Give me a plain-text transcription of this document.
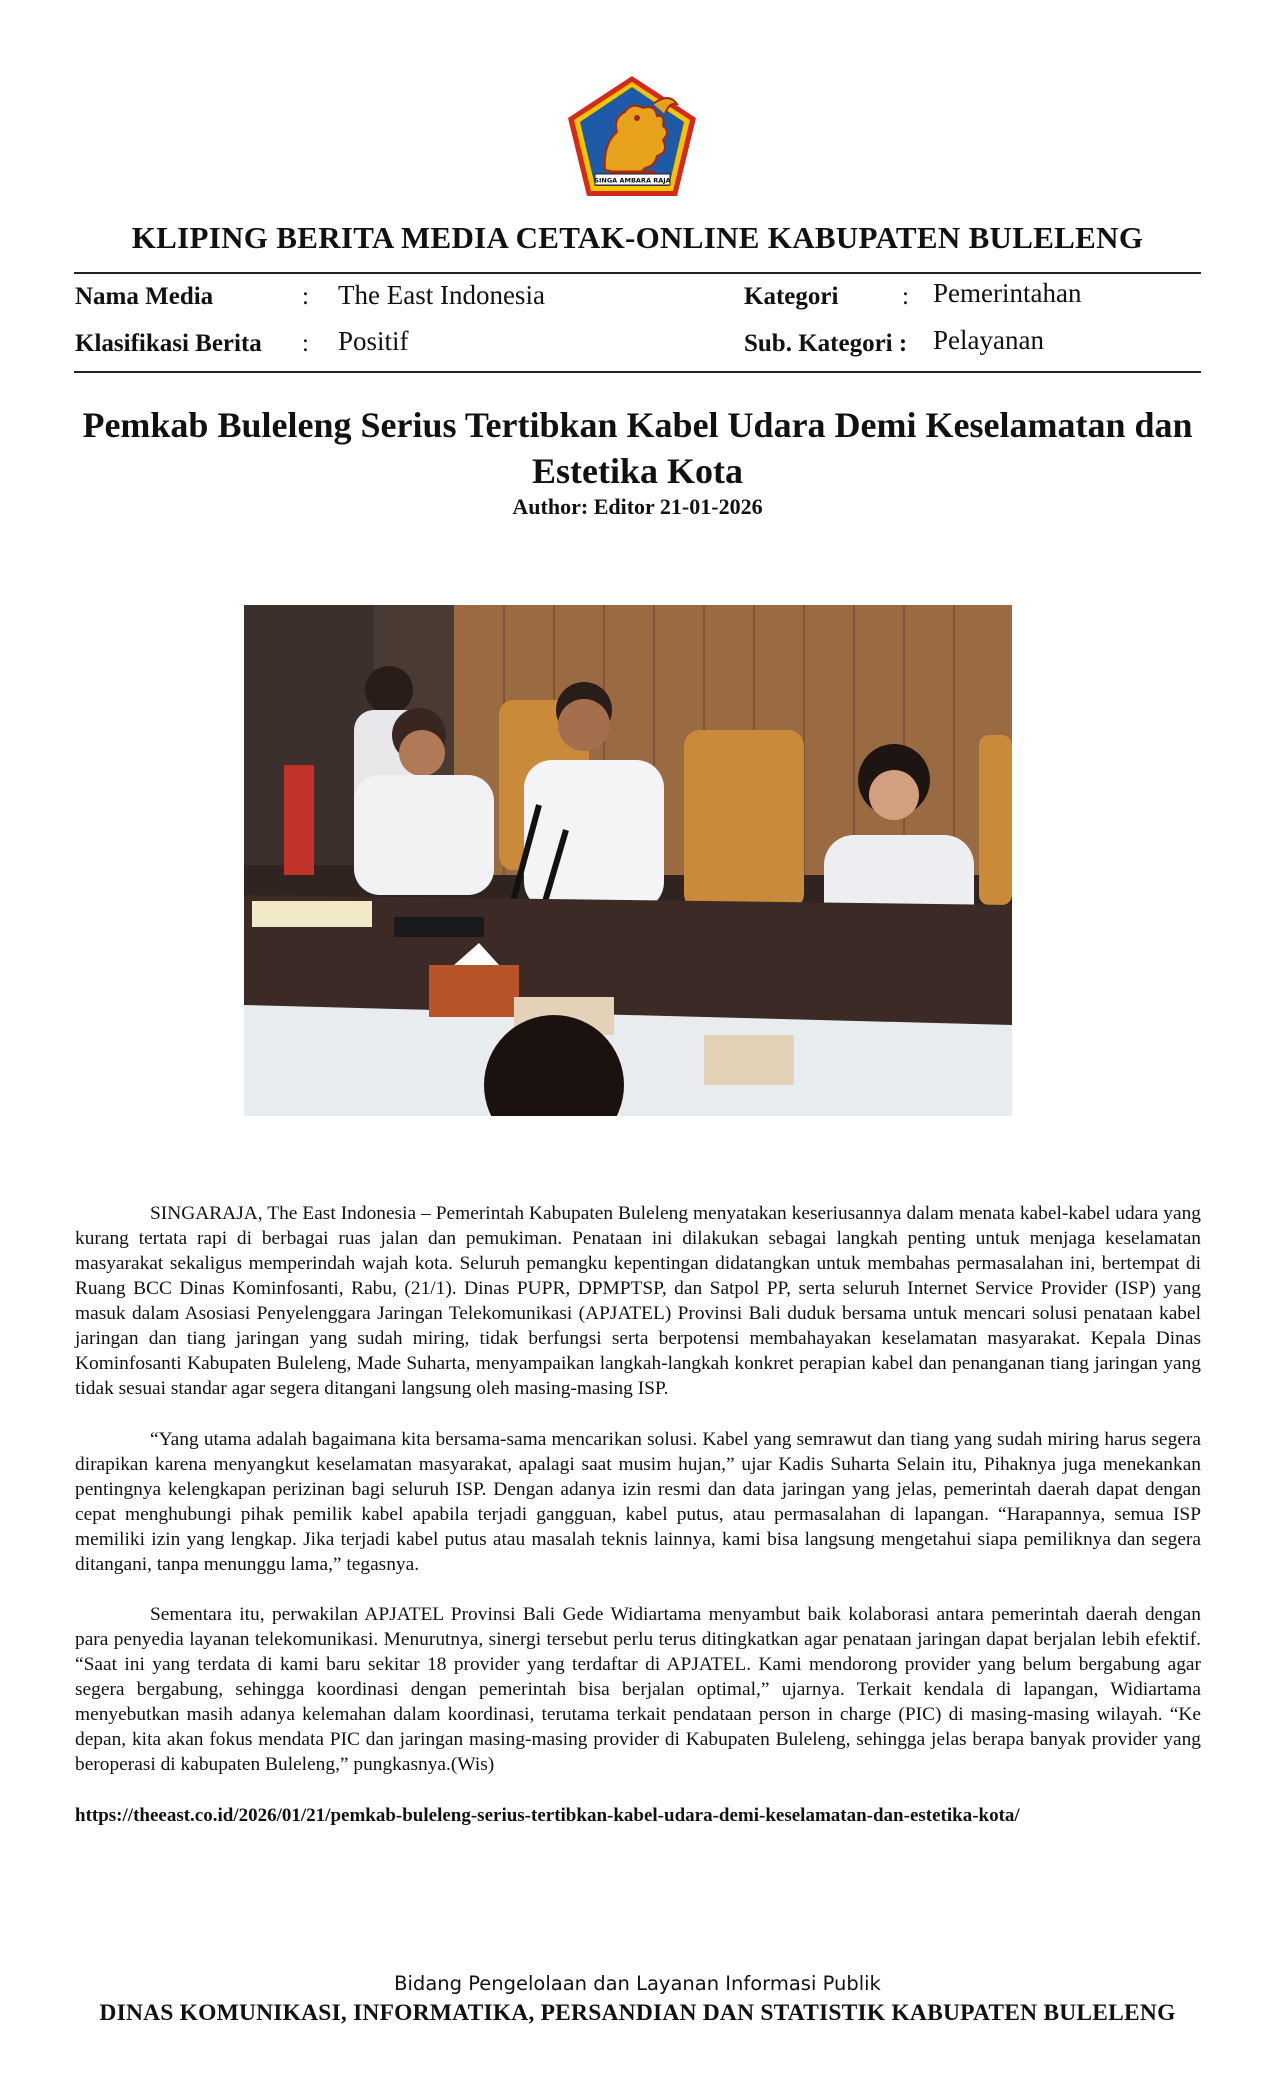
SINGA AMBARA RAJA
KLIPING BERITA MEDIA CETAK-ONLINE KABUPATEN BULELENG
Nama Media	: The East Indonesia	Kategori	: Pemerintahan
Klasifikasi Berita : Positif	Sub. Kategori : Pelayanan
Pemkab Buleleng Serius Tertibkan Kabel Udara Demi Keselamatan dan Estetika Kota
Author: Editor 21-01-2026

SINGARAJA, The East Indonesia – Pemerintah Kabupaten Buleleng menyatakan keseriusannya dalam menata kabel-kabel udara yang kurang tertata rapi di berbagai ruas jalan dan pemukiman. Penataan ini dilakukan sebagai langkah penting untuk menjaga keselamatan masyarakat sekaligus memperindah wajah kota. Seluruh pemangku kepentingan didatangkan untuk membahas permasalahan ini, bertempat di Ruang BCC Dinas Kominfosanti, Rabu, (21/1). Dinas PUPR, DPMPTSP, dan Satpol PP, serta seluruh Internet Service Provider (ISP) yang masuk dalam Asosiasi Penyelenggara Jaringan Telekomunikasi (APJATEL) Provinsi Bali duduk bersama untuk mencari solusi penataan kabel jaringan dan tiang jaringan yang sudah miring, tidak berfungsi serta berpotensi membahayakan keselamatan masyarakat. Kepala Dinas Kominfosanti Kabupaten Buleleng, Made Suharta, menyampaikan langkah-langkah konkret perapian kabel dan penanganan tiang jaringan yang tidak sesuai standar agar segera ditangani langsung oleh masing-masing ISP.

“Yang utama adalah bagaimana kita bersama-sama mencarikan solusi. Kabel yang semrawut dan tiang yang sudah miring harus segera dirapikan karena menyangkut keselamatan masyarakat, apalagi saat musim hujan,” ujar Kadis Suharta Selain itu, Pihaknya juga menekankan pentingnya kelengkapan perizinan bagi seluruh ISP. Dengan adanya izin resmi dan data jaringan yang jelas, pemerintah daerah dapat dengan cepat menghubungi pihak pemilik kabel apabila terjadi gangguan, kabel putus, atau permasalahan di lapangan. “Harapannya, semua ISP memiliki izin yang lengkap. Jika terjadi kabel putus atau masalah teknis lainnya, kami bisa langsung mengetahui siapa pemiliknya dan segera ditangani, tanpa menunggu lama,” tegasnya.

Sementara itu, perwakilan APJATEL Provinsi Bali Gede Widiartama menyambut baik kolaborasi antara pemerintah daerah dengan para penyedia layanan telekomunikasi. Menurutnya, sinergi tersebut perlu terus ditingkatkan agar penataan jaringan dapat berjalan lebih efektif. “Saat ini yang terdata di kami baru sekitar 18 provider yang terdaftar di APJATEL. Kami mendorong provider yang belum bergabung agar segera bergabung, sehingga koordinasi dengan pemerintah bisa berjalan optimal,” ujarnya. Terkait kendala di lapangan, Widiartama menyebutkan masih adanya kelemahan dalam koordinasi, terutama terkait pendataan person in charge (PIC) di masing-masing wilayah. “Ke depan, kita akan fokus mendata PIC dan jaringan masing-masing provider di Kabupaten Buleleng, sehingga jelas berapa banyak provider yang beroperasi di kabupaten Buleleng,” pungkasnya.(Wis)

https://theeast.co.id/2026/01/21/pemkab-buleleng-serius-tertibkan-kabel-udara-demi-keselamatan-dan-estetika-kota/
Bidang Pengelolaan dan Layanan Informasi Publik
DINAS KOMUNIKASI, INFORMATIKA, PERSANDIAN DAN STATISTIK KABUPATEN BULELENG
